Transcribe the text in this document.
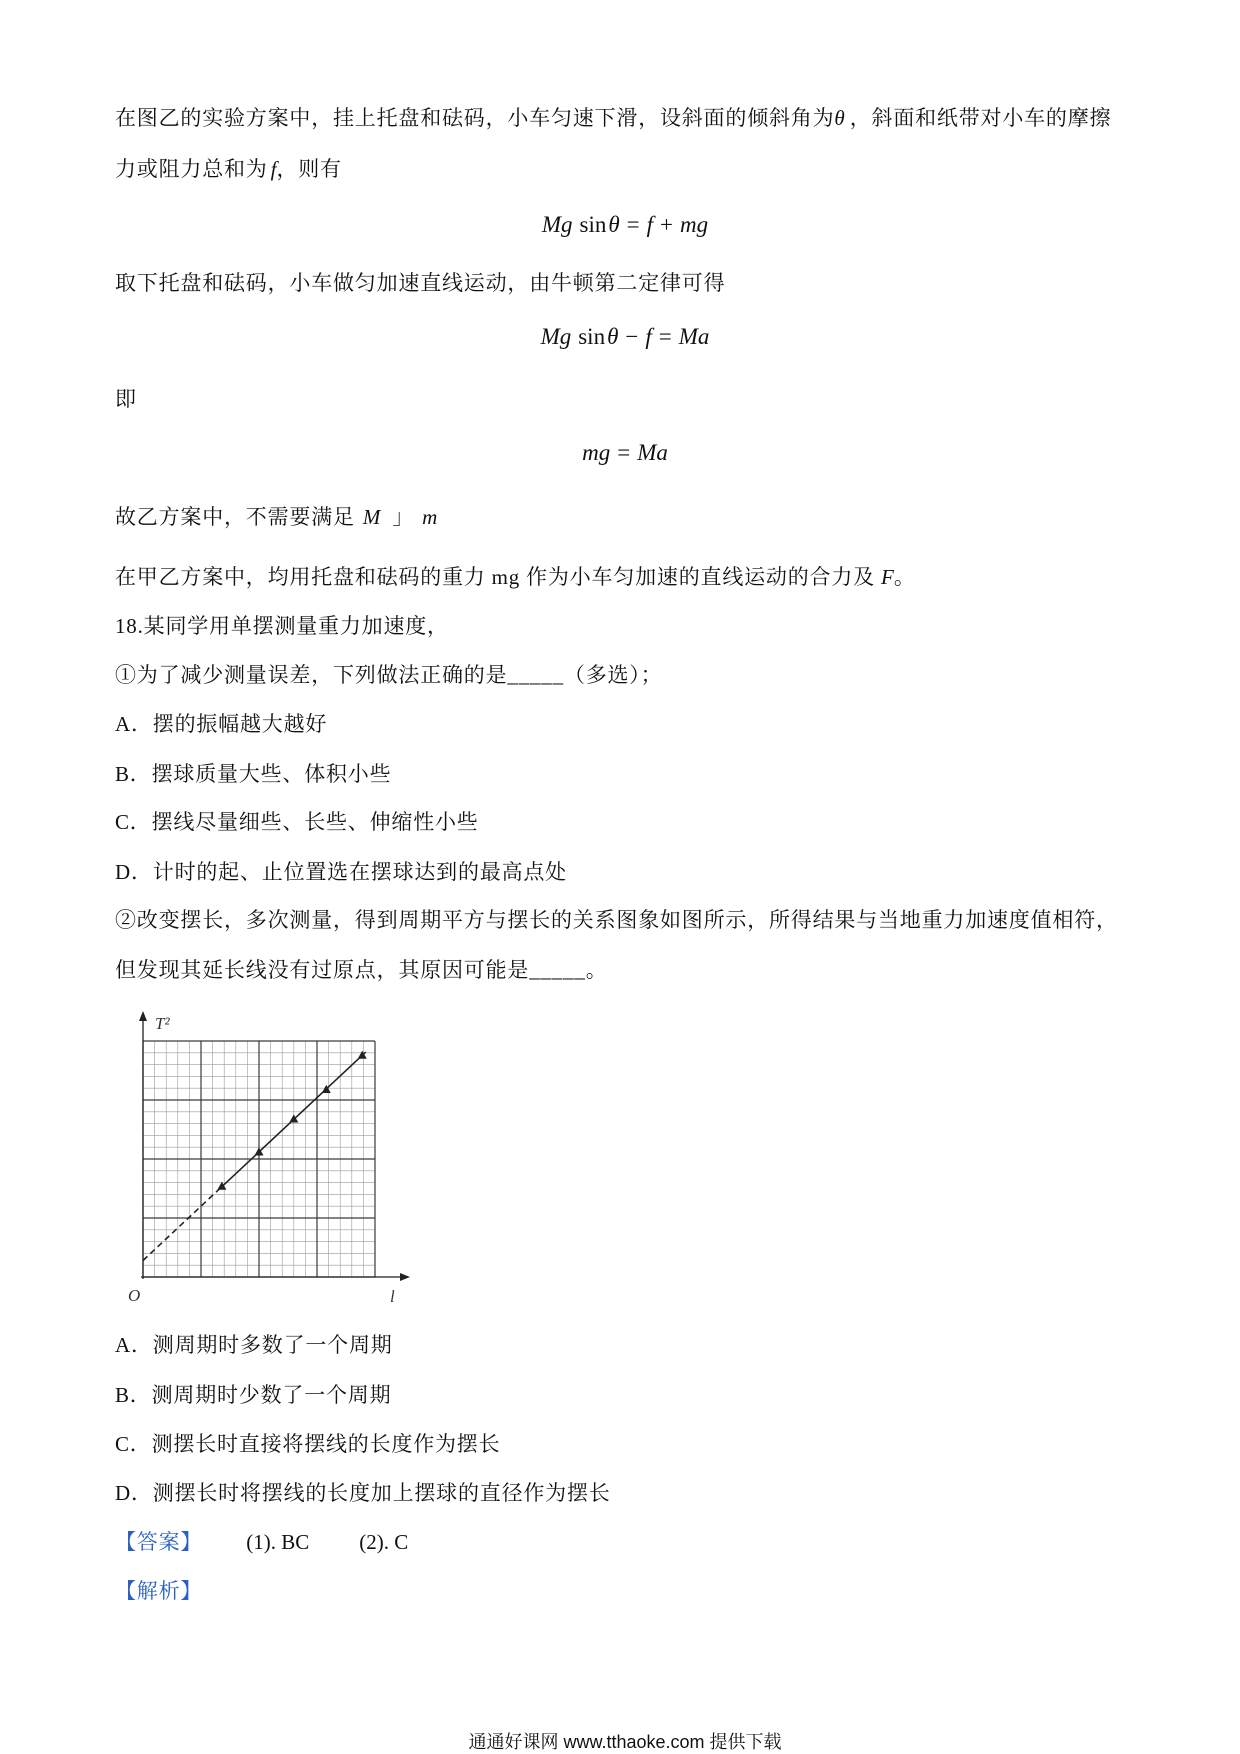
在图乙的实验方案中，挂上托盘和砝码，小车匀速下滑，设斜面的倾斜角为θ ，斜面和纸带对小车的摩擦
力或阻力总和为 f，则有
Mg sinθ = f + mg
取下托盘和砝码，小车做匀加速直线运动，由牛顿第二定律可得
Mg sinθ − f = Ma
即
mg = Ma
故乙方案中，不需要满足 M 」 m
在甲乙方案中，均用托盘和砝码的重力 mg 作为小车匀加速的直线运动的合力及 F。
18.某同学用单摆测量重力加速度，
①为了减少测量误差，下列做法正确的是_____（多选）；
A．摆的振幅越大越好
B．摆球质量大些、体积小些
C．摆线尽量细些、长些、伸缩性小些
D．计时的起、止位置选在摆球达到的最高点处
②改变摆长，多次测量，得到周期平方与摆长的关系图象如图所示，所得结果与当地重力加速度值相符，
但发现其延长线没有过原点，其原因可能是_____。
T²
O	l
A．测周期时多数了一个周期
B．测周期时少数了一个周期
C．测摆长时直接将摆线的长度作为摆长
D．测摆长时将摆线的长度加上摆球的直径作为摆长
【答案】 (1). BC (2). C
【解析】
通通好课网 www.tthaoke.com 提供下载
